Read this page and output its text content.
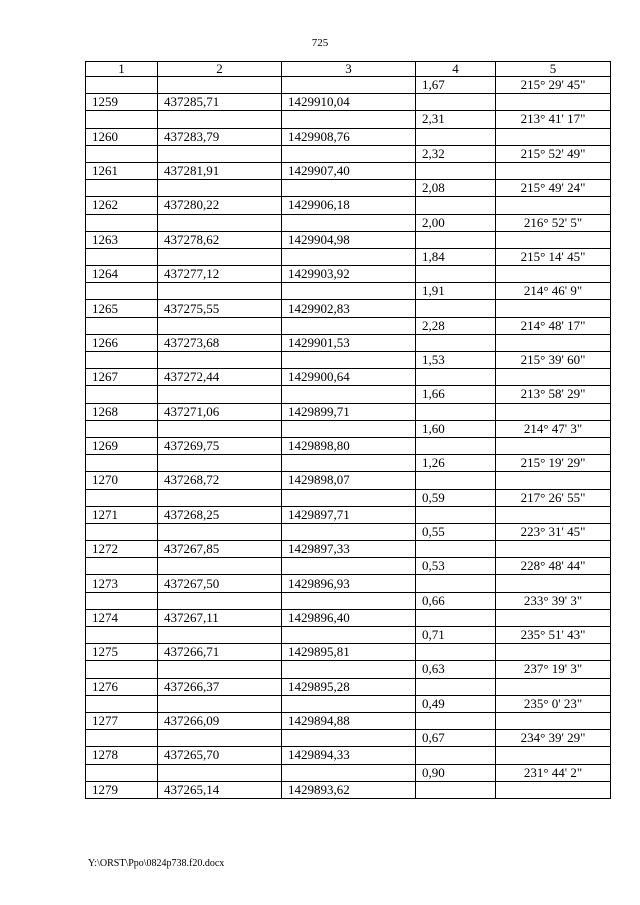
725
1	2	3	4	5
			1,67	215° 29' 45"
1259	437285,71	1429910,04		
			2,31	213° 41' 17"
1260	437283,79	1429908,76		
			2,32	215° 52' 49"
1261	437281,91	1429907,40		
			2,08	215° 49' 24"
1262	437280,22	1429906,18		
			2,00	216° 52' 5"
1263	437278,62	1429904,98		
			1,84	215° 14' 45"
1264	437277,12	1429903,92		
			1,91	214° 46' 9"
1265	437275,55	1429902,83		
			2,28	214° 48' 17"
1266	437273,68	1429901,53		
			1,53	215° 39' 60"
1267	437272,44	1429900,64		
			1,66	213° 58' 29"
1268	437271,06	1429899,71		
			1,60	214° 47' 3"
1269	437269,75	1429898,80		
			1,26	215° 19' 29"
1270	437268,72	1429898,07		
			0,59	217° 26' 55"
1271	437268,25	1429897,71		
			0,55	223° 31' 45"
1272	437267,85	1429897,33		
			0,53	228° 48' 44"
1273	437267,50	1429896,93		
			0,66	233° 39' 3"
1274	437267,11	1429896,40		
			0,71	235° 51' 43"
1275	437266,71	1429895,81		
			0,63	237° 19' 3"
1276	437266,37	1429895,28		
			0,49	235° 0' 23"
1277	437266,09	1429894,88		
			0,67	234° 39' 29"
1278	437265,70	1429894,33		
			0,90	231° 44' 2"
1279	437265,14	1429893,62		
Y:\ORST\Ppo\0824p738.f20.docx
